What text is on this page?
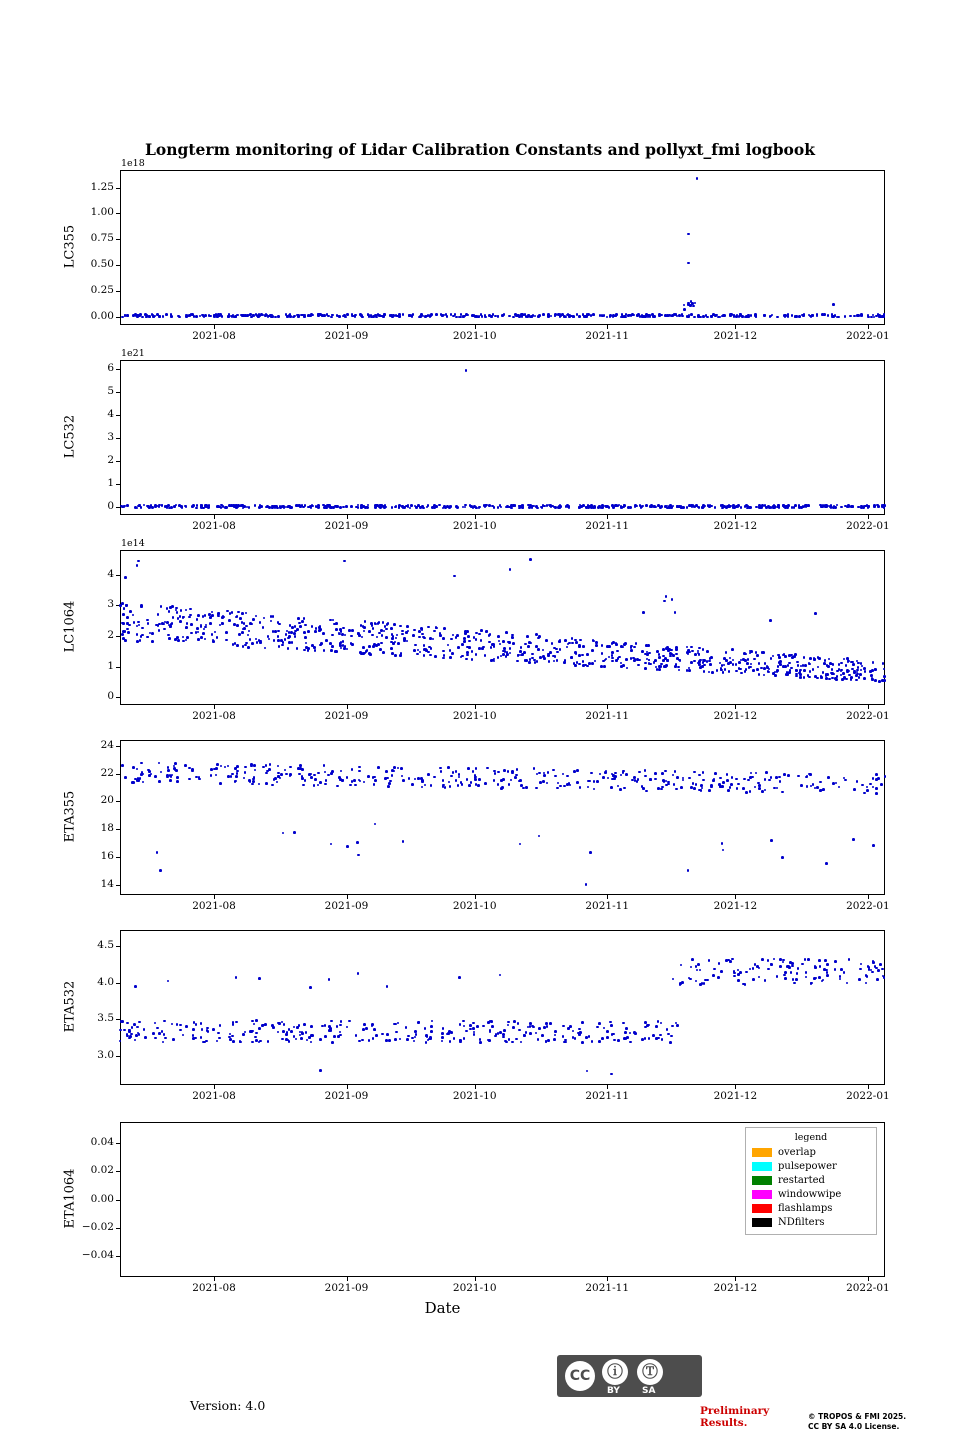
Longterm monitoring of Lidar Calibration Constants and pollyxt_fmi logbook
LC355
1e18
0.00
0.25
0.50
0.75
1.00
1.25
2021-08	2021-09	2021-10	2021-11	2021-12	2022-01
LC532
1e21
0
1
2
3
4
5
6
2021-08	2021-09	2021-10	2021-11	2021-12	2022-01
LC1064
1e14
0
1
2
3
4
2021-08	2021-09	2021-10	2021-11	2021-12	2022-01
ETA355
14
16
18
20
22
24
2021-08	2021-09	2021-10	2021-11	2021-12	2022-01
ETA532
3.0
3.5
4.0
4.5
2021-08	2021-09	2021-10	2021-11	2021-12	2022-01
ETA1064
−0.04
−0.02
0.00
0.02
0.04
2021-08	2021-09	2021-10	2021-11	2021-12	2022-01
Date
legend
overlap
pulsepower
restarted
windowwipe
flashlamps
NDfilters
Version: 4.0
CC	ⓘ
BY
Ⓣ
SA
Preliminary
Results.
© TROPOS & FMI 2025.
CC BY SA 4.0 License.
